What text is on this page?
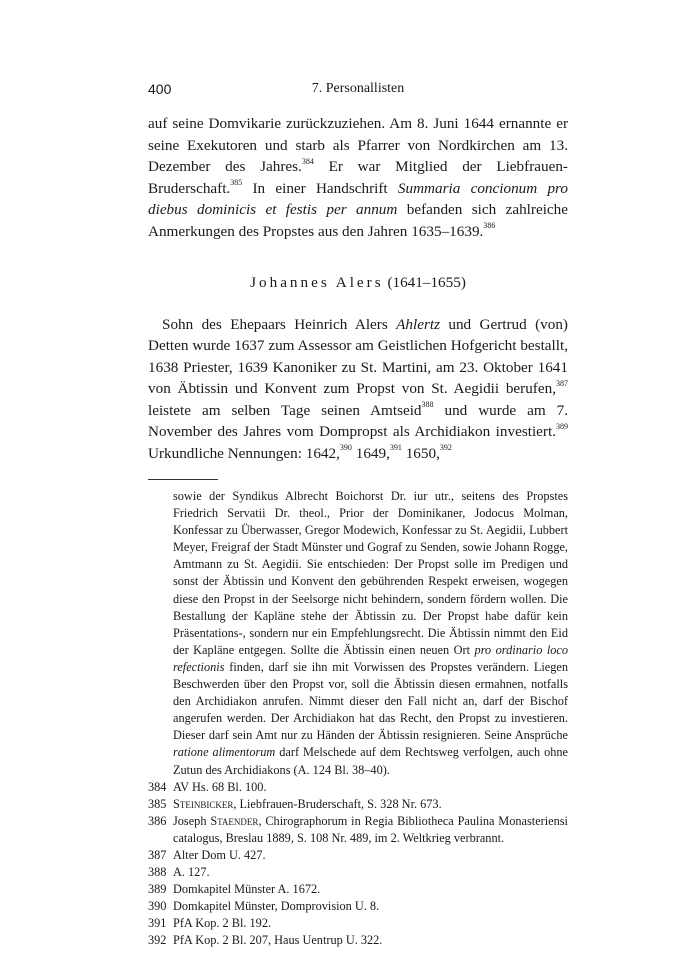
400	7. Personallisten

auf seine Domvikarie zurückzuziehen. Am 8. Juni 1644 ernannte er seine Exekutoren und starb als Pfarrer von Nordkirchen am 13. Dezember des Jahres.$^{384}$ Er war Mitglied der Liebfrauen-Bruderschaft.$^{385}$ In einer Handschrift Summaria concionum pro diebus dominicis et festis per annum befanden sich zahlreiche Anmerkungen des Propstes aus den Jahren 1635–1639.$^{386}$

Johannes Alers (1641–1655)

Sohn des Ehepaars Heinrich Alers Ahlertz und Gertrud (von) Detten wurde 1637 zum Assessor am Geistlichen Hofgericht bestallt, 1638 Priester, 1639 Kanoniker zu St. Martini, am 23. Oktober 1641 von Äbtissin und Konvent zum Propst von St. Aegidii berufen,$^{387}$ leistete am selben Tage seinen Amtseid$^{388}$ und wurde am 7. November des Jahres vom Dompropst als Archidiakon investiert.$^{389}$ Urkundliche Nennungen: 1642,$^{390}$ 1649,$^{391}$ 1650,$^{392}$

sowie der Syndikus Albrecht Boichorst Dr. iur utr., seitens des Propstes Friedrich Servatii Dr. theol., Prior der Dominikaner, Jodocus Molman, Konfessar zu Überwasser, Gregor Modewich, Konfessar zu St. Aegidii, Lubbert Meyer, Freigraf der Stadt Münster und Gograf zu Senden, sowie Johann Rogge, Amtmann zu St. Aegidii. Sie entschieden: Der Propst solle im Predigen und sonst der Äbtissin und Konvent den gebührenden Respekt erweisen, wogegen diese den Propst in der Seelsorge nicht behindern, sondern fördern wollen. Die Bestallung der Kapläne stehe der Äbtissin zu. Der Propst habe dafür kein Präsentations-, sondern nur ein Empfehlungsrecht. Die Äbtissin nimmt den Eid der Kapläne entgegen. Sollte die Äbtissin einen neuen Ort pro ordinario loco refectionis finden, darf sie ihn mit Vorwissen des Propstes verändern. Liegen Beschwerden über den Propst vor, soll die Äbtissin diesen ermahnen, notfalls den Archidiakon anrufen. Nimmt dieser den Fall nicht an, darf der Bischof angerufen werden. Der Archidiakon hat das Recht, den Propst zu investieren. Dieser darf sein Amt nur zu Händen der Äbtissin resignieren. Seine Ansprüche ratione alimentorum darf Melschede auf dem Rechtsweg verfolgen, auch ohne Zutun des Archidiakons (A. 124 Bl. 38–40).
384 AV Hs. 68 Bl. 100.
385 Steinbicker, Liebfrauen-Bruderschaft, S. 328 Nr. 673.
386 Joseph Staender, Chirographorum in Regia Bibliotheca Paulina Monasteriensi catalogus, Breslau 1889, S. 108 Nr. 489, im 2. Weltkrieg verbrannt.
387 Alter Dom U. 427.
388 A. 127.
389 Domkapitel Münster A. 1672.
390 Domkapitel Münster, Domprovision U. 8.
391 PfA Kop. 2 Bl. 192.
392 PfA Kop. 2 Bl. 207, Haus Uentrup U. 322.
